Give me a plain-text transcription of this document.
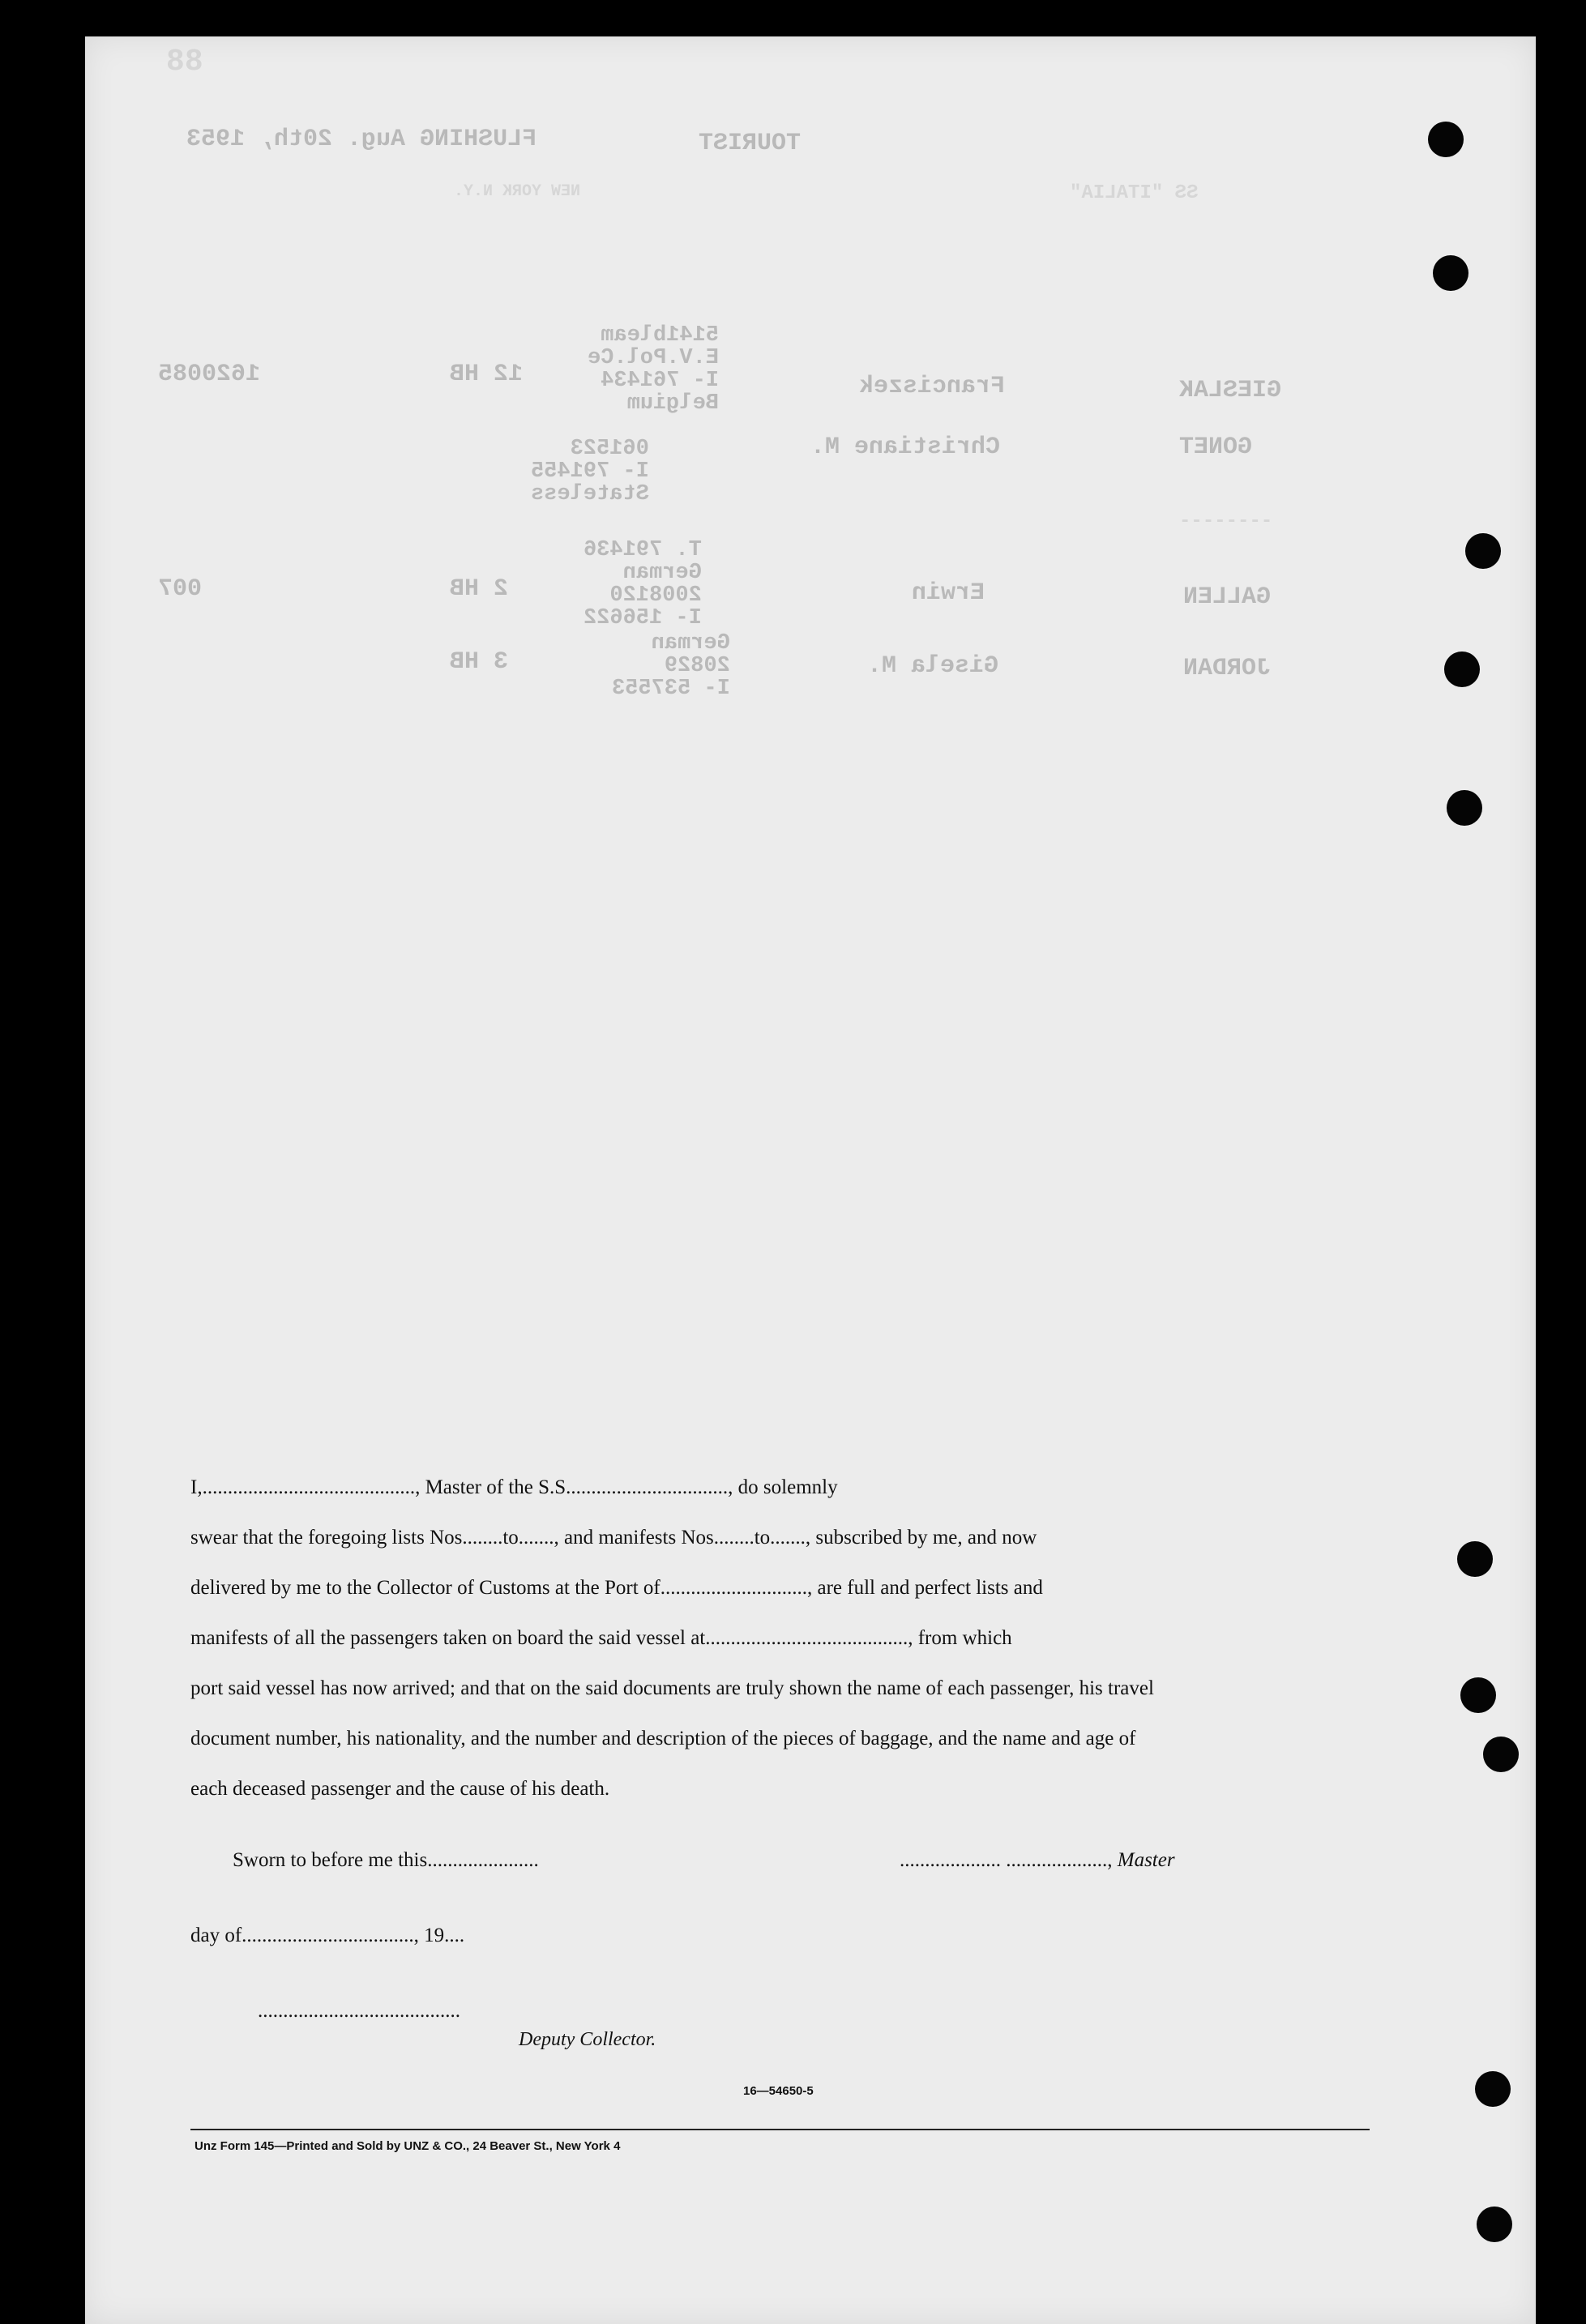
88
TOURIST
FLUSHING Aug. 20th, 1953
SS "ITALIA"
NEW YORK N.Y.
GIESLAK
Franciszek
5141bleam
E.V.Pol.Ce
I- 761434
Belgium
12 HB
1620085
GONET
Christiane M.
061523
I- 791455
Stateless
--------
GALLEN
Erwin
T. 791436
German
2008120
I- 156622
2 HB
007
JORDAN
Gisela M.
German
20829
I- 537553
3 HB

I,.........................................., Master of the S.S................................, do solemnly

swear that the foregoing lists Nos........to......., and manifests Nos........to......., subscribed by me, and now

delivered by me to the Collector of Customs at the Port of............................., are full and perfect lists and

manifests of all the passengers taken on board the said vessel at........................................, from which

port said vessel has now arrived; and that on the said documents are truly shown the name of each passenger, his travel

document number, his nationality, and the number and description of the pieces of baggage, and the name and age of

each deceased passenger and the cause of his death.

Sworn to before me this......................	.................... ...................., Master
day of.................................., 19....
........................................
Deputy Collector.
16—54650-5
Unz Form 145—Printed and Sold by UNZ & CO., 24 Beaver St., New York 4
